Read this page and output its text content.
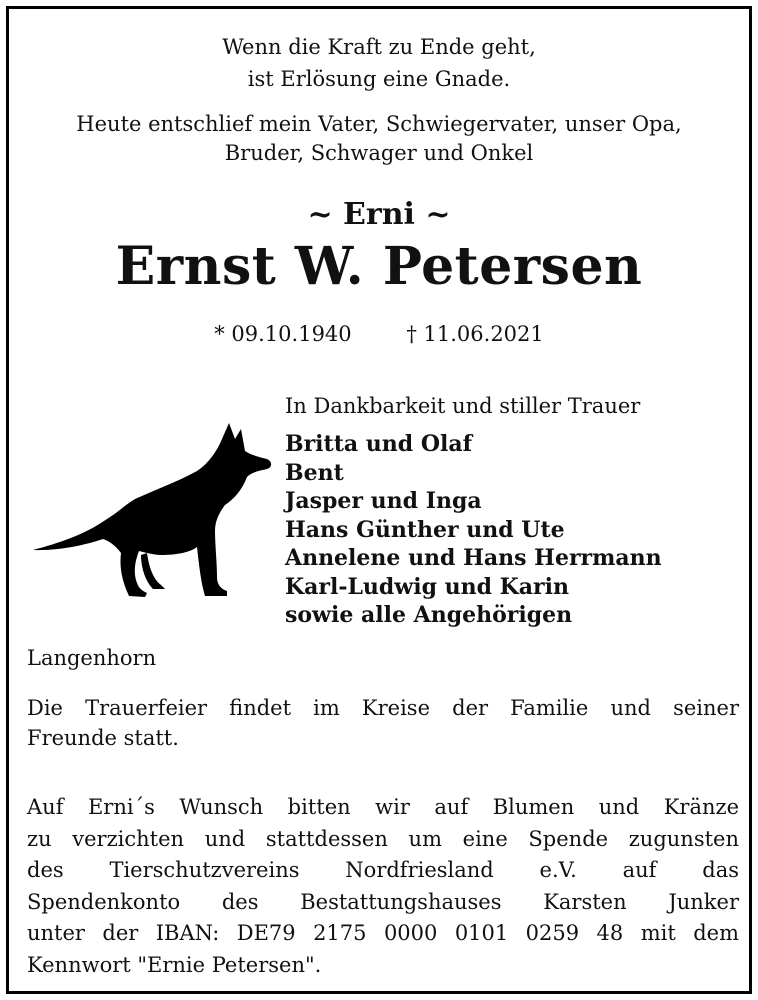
Wenn die Kraft zu Ende geht,
ist Erlösung eine Gnade.
Heute entschlief mein Vater, Schwiegervater, unser Opa,
Bruder, Schwager und Onkel
~ Erni ~
Ernst W. Petersen
* 09.10.1940	† 11.06.2021
In Dankbarkeit und stiller Trauer
Britta und Olaf
Bent
Jasper und Inga
Hans Günther und Ute
Annelene und Hans Herrmann
Karl-Ludwig und Karin
sowie alle Angehörigen
Langenhorn
Die Trauerfeier findet im Kreise der Familie und seiner
Freunde statt.
Auf Erni´s Wunsch bitten wir auf Blumen und Kränze
zu verzichten und stattdessen um eine Spende zugunsten
des Tierschutzvereins Nordfriesland e.V. auf das
Spendenkonto des Bestattungshauses Karsten Junker
unter der IBAN: DE79 2175 0000 0101 0259 48 mit dem
Kennwort "Ernie Petersen".
